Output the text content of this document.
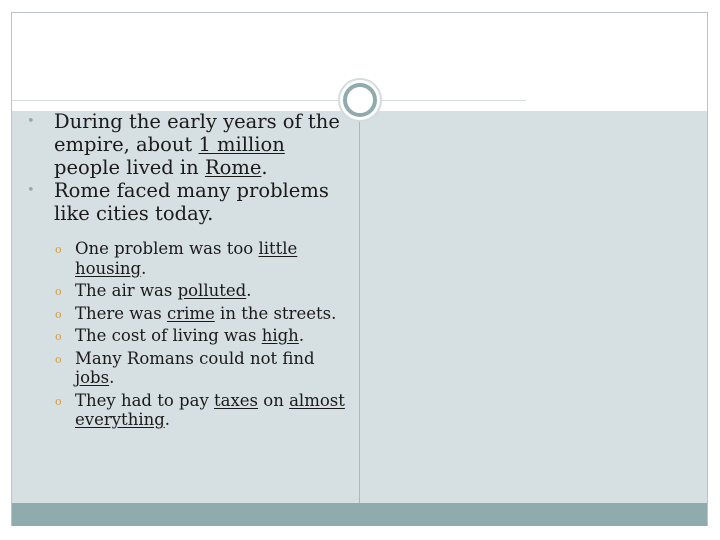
• During the early years of the empire, about 1 million people lived in Rome.
• Rome faced many problems like cities today.
o One problem was too little housing.
o The air was polluted.
o There was crime in the streets.
o The cost of living was high.
o Many Romans could not find jobs.
o They had to pay taxes on almost everything.
